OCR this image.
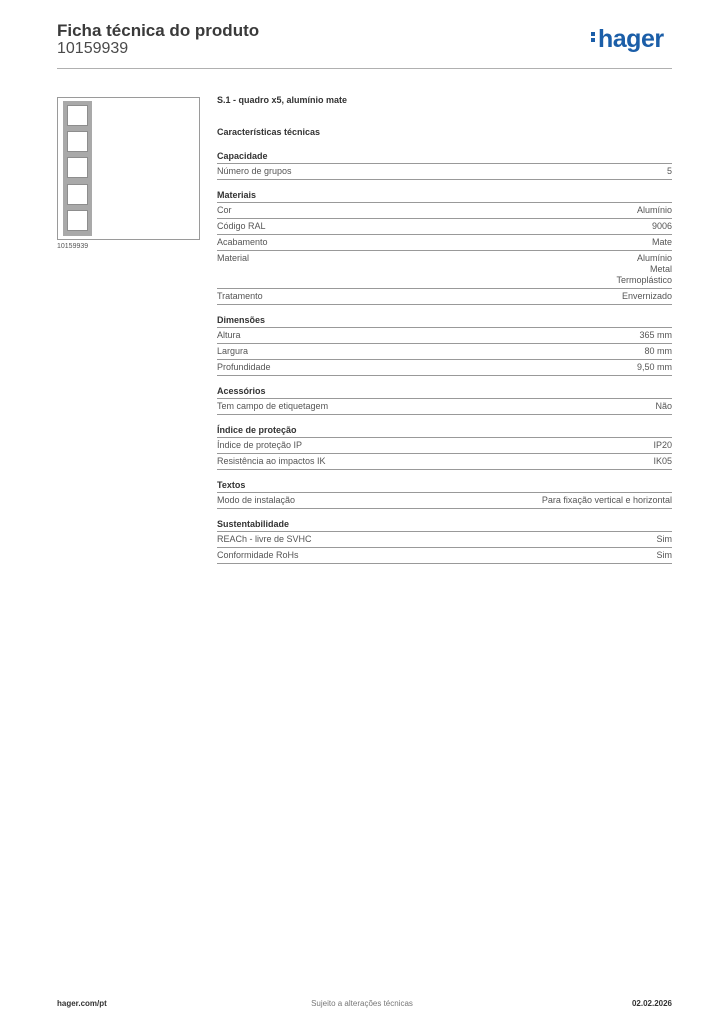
Ficha técnica do produto
10159939	hager
10159939
S.1 - quadro x5, alumínio mate
Características técnicas
Capacidade
Número de grupos	5
Materiais
Cor	Alumínio
Código RAL	9006
Acabamento	Mate
Material	Alumínio
Metal
Termoplástico
Tratamento	Envernizado
Dimensões
Altura	365 mm
Largura	80 mm
Profundidade	9,50 mm
Acessórios
Tem campo de etiquetagem	Não
Índice de proteção
Índice de proteção IP	IP20
Resistência ao impactos IK	IK05
Textos
Modo de instalação	Para fixação vertical e horizontal
Sustentabilidade
REACh - livre de SVHC	Sim
Conformidade RoHs	Sim
hager.com/pt	Sujeito a alterações técnicas	02.02.2026
